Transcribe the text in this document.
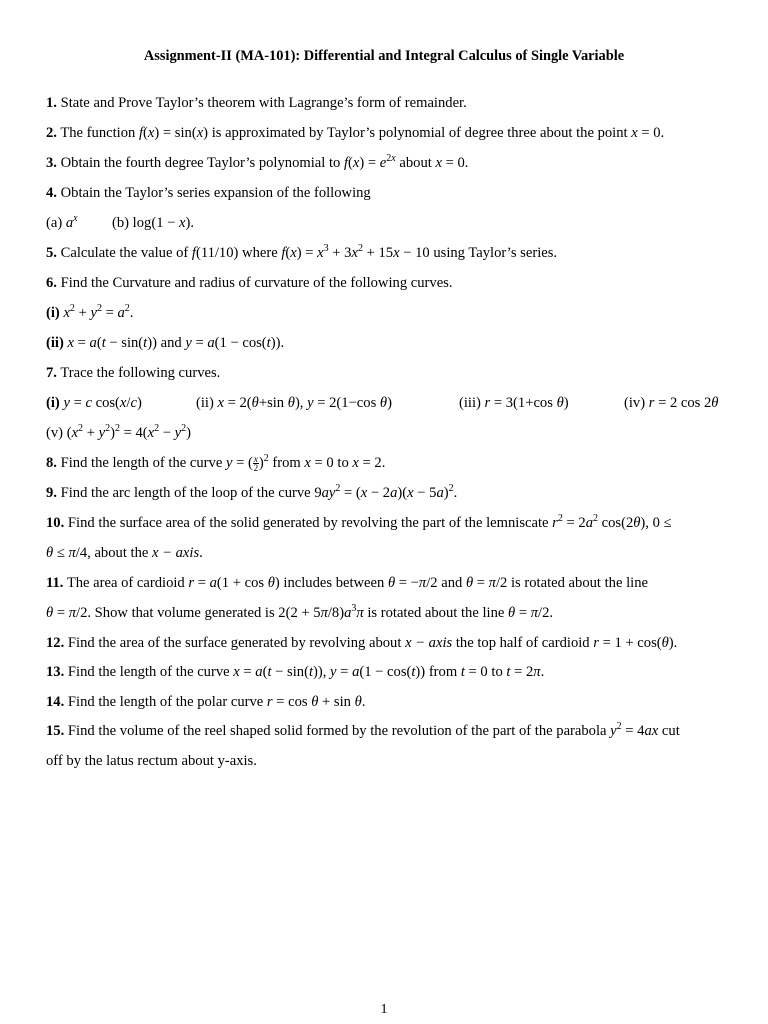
Assignment-II (MA-101): Differential and Integral Calculus of Single Variable
1. State and Prove Taylor’s theorem with Lagrange’s form of remainder.
2. The function f(x) = sin(x) is approximated by Taylor’s polynomial of degree three about the point x = 0.
3. Obtain the fourth degree Taylor’s polynomial to $f(x) = e^{2x}$ about x = 0.
4. Obtain the Taylor’s series expansion of the following
(a) $a^x$ (b) log(1 − x).
5. Calculate the value of f(11/10) where $f(x) = x^3 + 3x^2 + 15x - 10$ using Taylor’s series.
6. Find the Curvature and radius of curvature of the following curves.
(i) $x^2 + y^2 = a^2$.
(ii) x = a(t − sin(t)) and y = a(1 − cos(t)).
7. Trace the following curves.
(i) y = c cos(x/c)	(ii) x = 2(θ+sin θ), y = 2(1−cos θ)	(iii) r = 3(1+cos θ)	(iv) r = 2 cos 2θ
(v) $(x^2 + y^2)^2 = 4(x^2 - y^2)$
8. Find the length of the curve y = ( $\frac{x}{2} )^2$ from x = 0 to x = 2.
9. Find the arc length of the loop of the curve $9ay^2 = (x - 2a)(x - 5a)^2$.
10. Find the surface area of the solid generated by revolving the part of the lemniscate $r^2 = 2a^2$ cos(2θ), 0 ≤
θ ≤ π/4, about the x − axis.
11. The area of cardioid r = a(1 + cos θ) includes between θ = −π/2 and θ = π/2 is rotated about the line
θ = π/2. Show that volume generated is $2(2 + 5\pi/8)a^3\pi$ is rotated about the line θ = π/2.
12. Find the area of the surface generated by revolving about x − axis the top half of cardioid r = 1 + cos(θ).
13. Find the length of the curve x = a(t − sin(t)), y = a(1 − cos(t)) from t = 0 to t = 2π.
14. Find the length of the polar curve r = cos θ + sin θ.
15. Find the volume of the reel shaped solid formed by the revolution of the part of the parabola $y^2 = 4ax$ cut
off by the latus rectum about y-axis.
1
